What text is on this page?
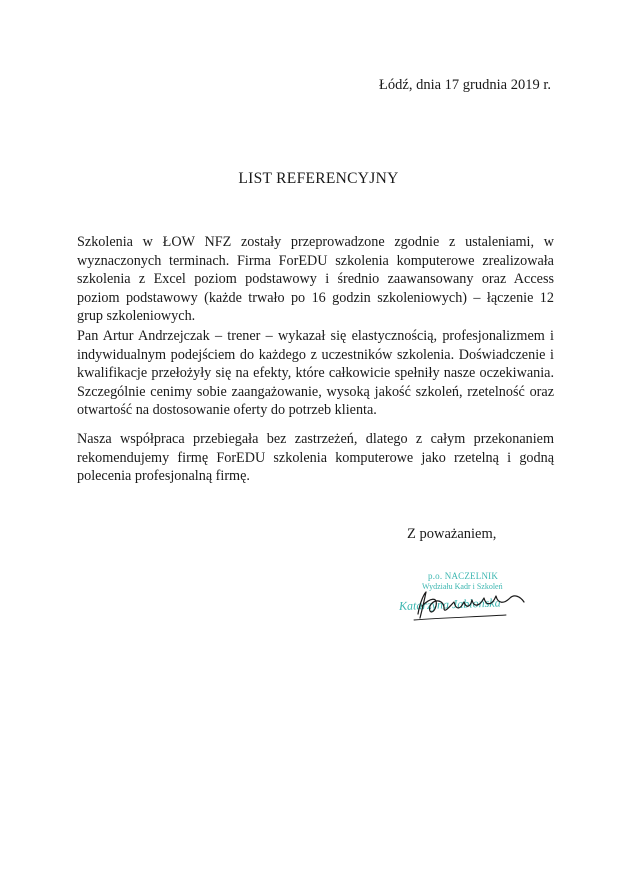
Łódź, dnia 17 grudnia 2019 r.
LIST REFERENCYJNY

Szkolenia w ŁOW NFZ zostały przeprowadzone zgodnie z ustaleniami, w wyznaczonych terminach. Firma ForEDU szkolenia komputerowe zrealizowała szkolenia z Excel poziom podstawowy i średnio zaawansowany oraz Access poziom podstawowy (każde trwało po 16 godzin szkoleniowych) – łączenie 12 grup szkoleniowych.

Pan Artur Andrzejczak – trener – wykazał się elastycznością, profesjonalizmem i indywidualnym podejściem do każdego z uczestników szkolenia. Doświadczenie i kwalifikacje przełożyły się na efekty, które całkowicie spełniły nasze oczekiwania. Szczególnie cenimy sobie zaangażowanie, wysoką jakość szkoleń, rzetelność oraz otwartość na dostosowanie oferty do potrzeb klienta.

Nasza współpraca przebiegała bez zastrzeżeń, dlatego z całym przekonaniem rekomendujemy firmę ForEDU szkolenia komputerowe jako rzetelną i godną polecenia profesjonalną firmę.

Z poważaniem,
p.o. NACZELNIK
Wydziału Kadr i Szkoleń
Katarzyna Jabłońska
